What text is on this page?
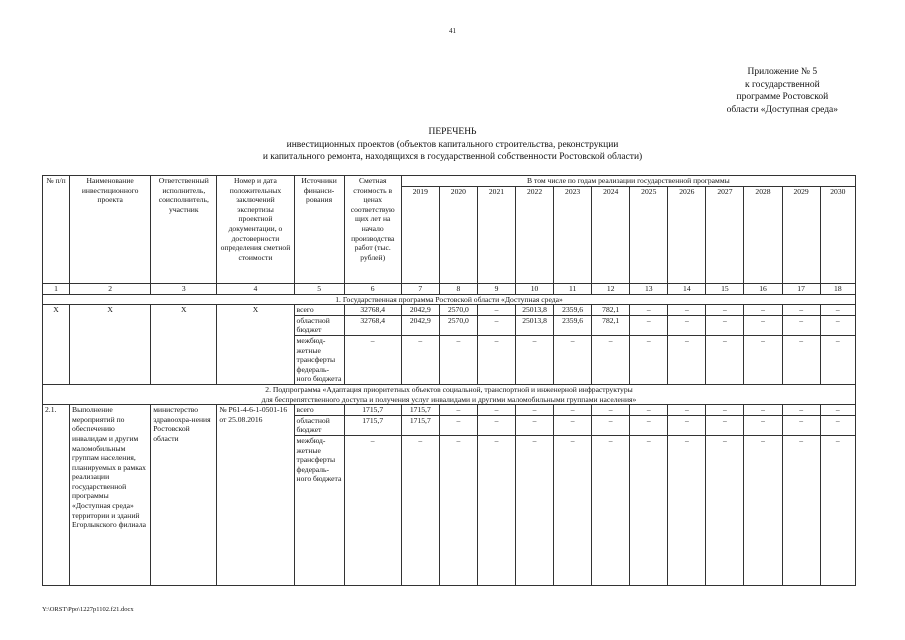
41
Приложение № 5
к государственной
программе Ростовской
области «Доступная среда»
ПЕРЕЧЕНЬ
инвестиционных проектов (объектов капитального строительства, реконструкции
и капитального ремонта, находящихся в государственной собственности Ростовской области)
№ п/п	Наименование инвестиционного проекта	Ответственный исполнитель, соисполнитель, участник	Номер и дата положительных заключений экспертизы проектной документации, о достоверности определения сметной стоимости	Источники финанси-рования	Сметная стоимость в ценах соответствую щих лет на начало производства работ (тыс. рублей)	В том числе по годам реализации государственной программы											
						2019	2020	2021	2022	2023	2024	2025	2026	2027	2028	2029	2030
1	2	3	4	5	6	7	8	9	10	11	12	13	14	15	16	17	18
1. Государственная программа Ростовской области «Доступная среда»																	
Х	Х	Х	Х	всего	32768,4	2042,9	2570,0	–	25013,8	2359,6	782,1	–	–	–	–	–	–
				областной бюджет	32768,4	2042,9	2570,0	–	25013,8	2359,6	782,1	–	–	–	–	–	–
				межбюд-жетные трансферты федераль-ного бюджета	–	–	–	–	–	–	–	–	–	–	–	–	–

2. Подпрограмма «Адаптация приоритетных объектов социальной, транспортной и инженерной инфраструктуры
для беспрепятственного доступа и получения услуг инвалидами и другими маломобильными группами населения»																	

2.1.	Выполнение мероприятий по обеспечению инвалидам и другим маломобильным группам населения, планируемых в рамках реализации государственной программы «Доступная среда» территории и зданий Егорлыкского филиала	министерство здравоохра-нения Ростовской области	№ Р61-4-6-1-0501-16 от 25.08.2016	всего	1715,7	1715,7	–	–	–	–	–	–	–	–	–	–	–
				областной бюджет	1715,7	1715,7	–	–	–	–	–	–	–	–	–	–	–
				межбюд-жетные трансферты федераль-ного бюджета	–	–	–	–	–	–	–	–	–	–	–	–	–
Y:\ORST\Ppo\1227p1102.f21.docx
